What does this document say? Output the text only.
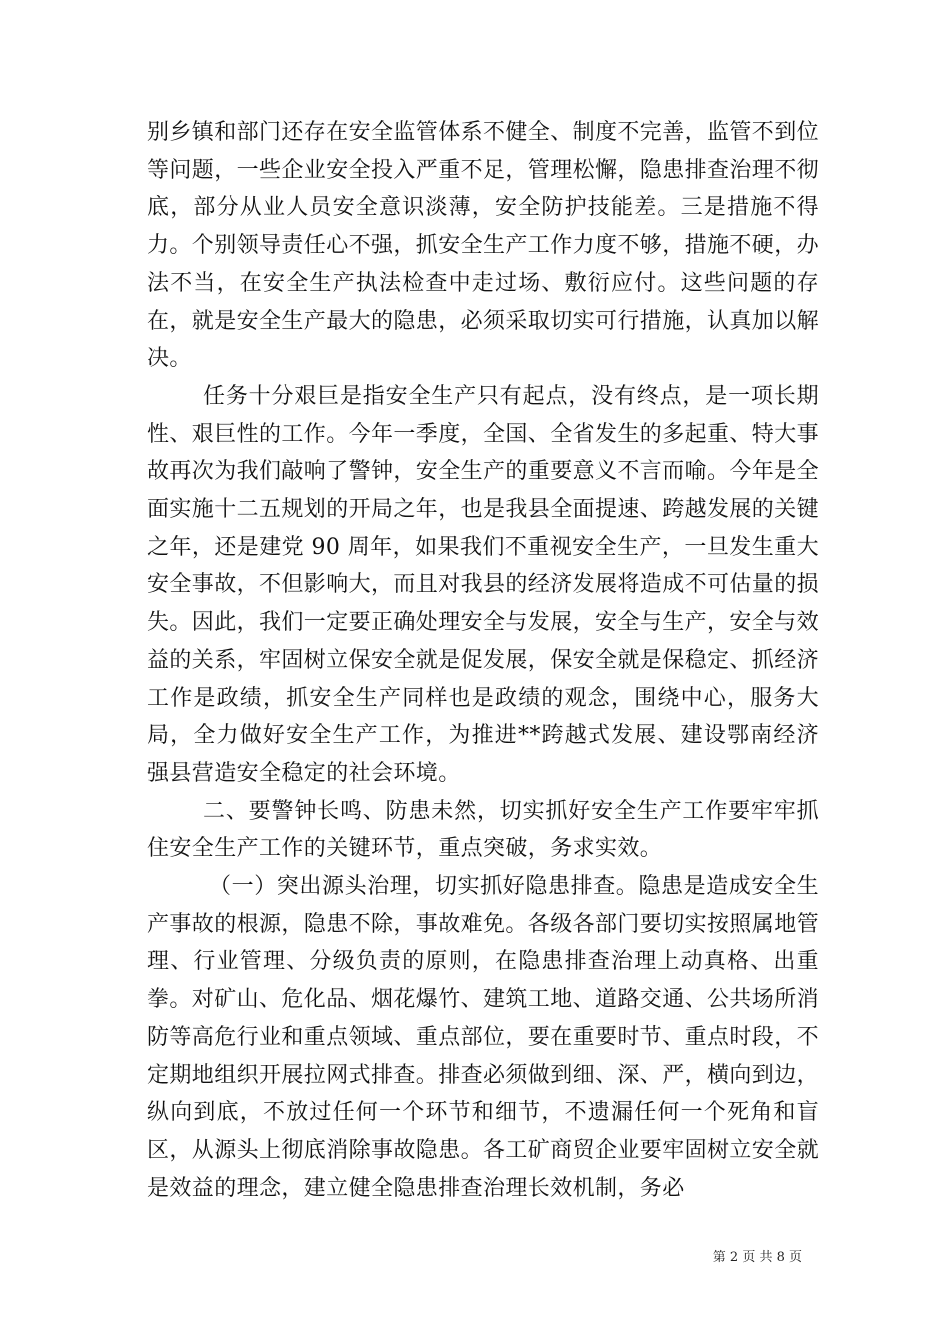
别乡镇和部门还存在安全监管体系不健全、制度不完善，监管不到位等问题，一些企业安全投入严重不足，管理松懈，隐患排查治理不彻底，部分从业人员安全意识淡薄，安全防护技能差。三是措施不得力。个别领导责任心不强，抓安全生产工作力度不够，措施不硬，办法不当，在安全生产执法检查中走过场、敷衍应付。这些问题的存在，就是安全生产最大的隐患，必须采取切实可行措施，认真加以解决。

任务十分艰巨是指安全生产只有起点，没有终点，是一项长期性、艰巨性的工作。今年一季度，全国、全省发生的多起重、特大事故再次为我们敲响了警钟，安全生产的重要意义不言而喻。今年是全面实施十二五规划的开局之年，也是我县全面提速、跨越发展的关键之年，还是建党 90 周年，如果我们不重视安全生产，一旦发生重大安全事故，不但影响大，而且对我县的经济发展将造成不可估量的损失。因此，我们一定要正确处理安全与发展，安全与生产，安全与效益的关系，牢固树立保安全就是促发展，保安全就是保稳定、抓经济工作是政绩，抓安全生产同样也是政绩的观念，围绕中心，服务大局，全力做好安全生产工作，为推进**跨越式发展、建设鄂南经济强县营造安全稳定的社会环境。

二、要警钟长鸣、防患未然，切实抓好安全生产工作要牢牢抓住安全生产工作的关键环节，重点突破，务求实效。

（一）突出源头治理，切实抓好隐患排查。隐患是造成安全生产事故的根源，隐患不除，事故难免。各级各部门要切实按照属地管理、行业管理、分级负责的原则，在隐患排查治理上动真格、出重拳。对矿山、危化品、烟花爆竹、建筑工地、道路交通、公共场所消防等高危行业和重点领域、重点部位，要在重要时节、重点时段，不定期地组织开展拉网式排查。排查必须做到细、深、严，横向到边，纵向到底，不放过任何一个环节和细节，不遗漏任何一个死角和盲区，从源头上彻底消除事故隐患。各工矿商贸企业要牢固树立安全就是效益的理念，建立健全隐患排查治理长效机制，务必

第 2 页 共 8 页
